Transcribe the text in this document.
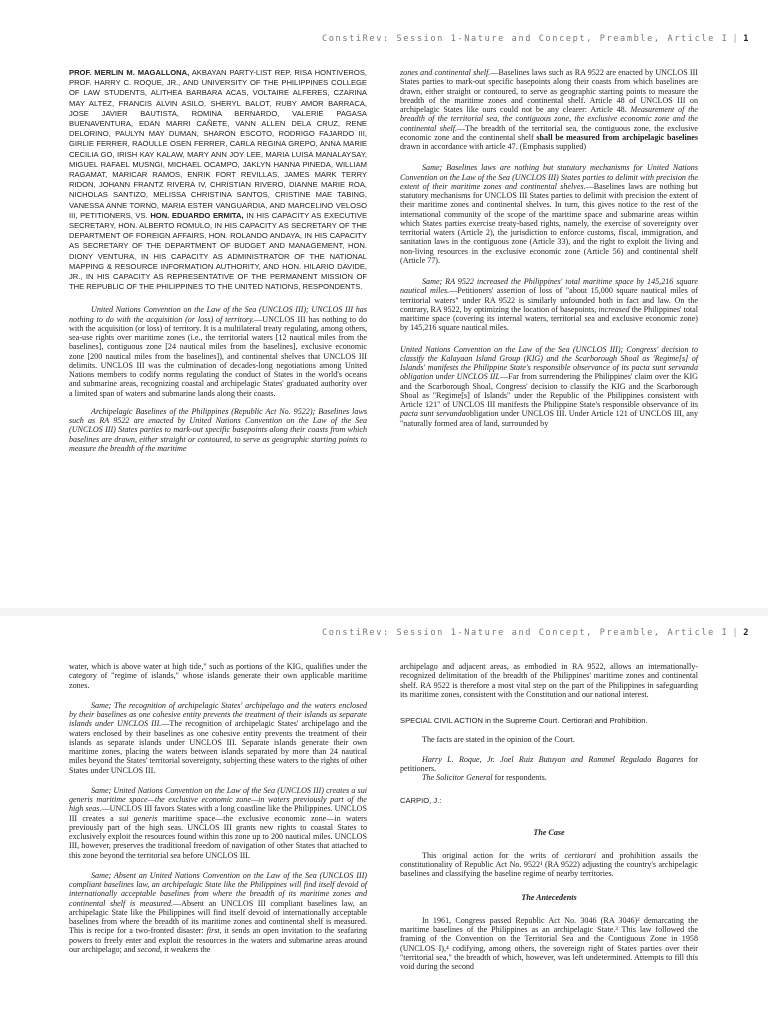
ConstiRev: Session 1-Nature and Concept, Preamble, Article I | 1

PROF. MERLIN M. MAGALLONA, AKBAYAN PARTY-LIST REP. RISA HONTIVEROS, PROF. HARRY C. ROQUE, JR., AND UNIVERSITY OF THE PHILIPPINES COLLEGE OF LAW STUDENTS, ALITHEA BARBARA ACAS, VOLTAIRE ALFERES, CZARINA MAY ALTEZ, FRANCIS ALVIN ASILO, SHERYL BALOT, RUBY AMOR BARRACA, JOSE JAVIER BAUTISTA, ROMINA BERNARDO, VALERIE PAGASA BUENAVENTURA, EDAN MARRI CAÑETE, VANN ALLEN DELA CRUZ, RENE DELORINO, PAULYN MAY DUMAN, SHARON ESCOTO, RODRIGO FAJARDO III, GIRLIE FERRER, RAOULLE OSEN FERRER, CARLA REGINA GREPO, ANNA MARIE CECILIA GO, IRISH KAY KALAW, MARY ANN JOY LEE, MARIA LUISA MANALAYSAY, MIGUEL RAFAEL MUSNGI, MICHAEL OCAMPO, JAKLYN HANNA PINEDA, WILLIAM RAGAMAT, MARICAR RAMOS, ENRIK FORT REVILLAS, JAMES MARK TERRY RIDON, JOHANN FRANTZ RIVERA IV, CHRISTIAN RIVERO, DIANNE MARIE ROA, NICHOLAS SANTIZO, MELISSA CHRISTINA SANTOS, CRISTINE MAE TABING, VANESSA ANNE TORNO, MARIA ESTER VANGUARDIA, AND MARCELINO VELOSO III, PETITIONERS, VS. HON. EDUARDO ERMITA, IN HIS CAPACITY AS EXECUTIVE SECRETARY, HON. ALBERTO ROMULO, IN HIS CAPACITY AS SECRETARY OF THE DEPARTMENT OF FOREIGN AFFAIRS, HON. ROLANDO ANDAYA, IN HIS CAPACITY AS SECRETARY OF THE DEPARTMENT OF BUDGET AND MANAGEMENT, HON. DIONY VENTURA, IN HIS CAPACITY AS ADMINISTRATOR OF THE NATIONAL MAPPING & RESOURCE INFORMATION AUTHORITY, AND HON. HILARIO DAVIDE, JR., IN HIS CAPACITY AS REPRESENTATIVE OF THE PERMANENT MISSION OF THE REPUBLIC OF THE PHILIPPINES TO THE UNITED NATIONS, RESPONDENTS.

United Nations Convention on the Law of the Sea (UNCLOS III); UNCLOS III has nothing to do with the acquisition (or loss) of territory.—UNCLOS III has nothing to do with the acquisition (or loss) of territory. It is a multilateral treaty regulating, among others, sea-use rights over maritime zones (i.e., the territorial waters [12 nautical miles from the baselines], contiguous zone [24 nautical miles from the baselines], exclusive economic zone [200 nautical miles from the baselines]), and continental shelves that UNCLOS III delimits. UNCLOS III was the culmination of decades-long negotiations among United Nations members to codify norms regulating the conduct of States in the world's oceans and submarine areas, recognizing coastal and archipelagic States' graduated authority over a limited span of waters and submarine lands along their coasts.

Archipelagic Baselines of the Philippines (Republic Act No. 9522); Baselines laws such as RA 9522 are enacted by United Nations Convention on the Law of the Sea (UNCLOS III) States parties to mark-out specific basepoints along their coasts from which baselines are drawn, either straight or contoured, to serve as geographic starting points to measure the breadth of the maritime

zones and continental shelf.—Baselines laws such as RA 9522 are enacted by UNCLOS III States parties to mark-out specific basepoints along their coasts from which baselines are drawn, either straight or contoured, to serve as geographic starting points to measure the breadth of the maritime zones and continental shelf. Article 48 of UNCLOS III on archipelagic States like ours could not be any clearer: Article 48. Measurement of the breadth of the territorial sea, the contiguous zone, the exclusive economic zone and the continental shelf.—The breadth of the territorial sea, the contiguous zone, the exclusive economic zone and the continental shelf shall be measured from archipelagic baselines drawn in accordance with article 47. (Emphasis supplied)

Same; Baselines laws are nothing but statutory mechanisms for United Nations Convention on the Law of the Sea (UNCLOS III) States parties to delimit with precision the extent of their maritime zones and continental shelves.—Baselines laws are nothing but statutory mechanisms for UNCLOS III States parties to delimit with precision the extent of their maritime zones and continental shelves. In turn, this gives notice to the rest of the international community of the scope of the maritime space and submarine areas within which States parties exercise treaty-based rights, namely, the exercise of sovereignty over territorial waters (Article 2), the jurisdiction to enforce customs, fiscal, immigration, and sanitation laws in the contiguous zone (Article 33), and the right to exploit the living and non-living resources in the exclusive economic zone (Article 56) and continental shelf (Article 77).

Same; RA 9522 increased the Philippines' total maritime space by 145,216 square nautical miles.—Petitioners' assertion of loss of "about 15,000 square nautical miles of territorial waters" under RA 9522 is similarly unfounded both in fact and law. On the contrary, RA 9522, by optimizing the location of basepoints, increased the Philippines' total maritime space (covering its internal waters, territorial sea and exclusive economic zone) by 145,216 square nautical miles.

United Nations Convention on the Law of the Sea (UNCLOS III); Congress' decision to classify the Kalayaan Island Group (KIG) and the Scarborough Shoal as 'Regime[s] of Islands' manifests the Philippine State's responsible observance of its pacta sunt servanda obligation under UNCLOS III.—Far from surrendering the Philippines' claim over the KIG and the Scarborough Shoal, Congress' decision to classify the KIG and the Scarborough Shoal as "Regime[s] of Islands" under the Republic of the Philippines consistent with Article 121" of UNCLOS III manifests the Philippine State's responsible observance of its pacta sunt servandaobligation under UNCLOS III. Under Article 121 of UNCLOS III, any "naturally formed area of land, surrounded by

ConstiRev: Session 1-Nature and Concept, Preamble, Article I | 2

water, which is above water at high tide," such as portions of the KIG, qualifies under the category of "regime of islands," whose islands generate their own applicable maritime zones.

Same; The recognition of archipelagic States' archipelago and the waters enclosed by their baselines as one cohesive entity prevents the treatment of their islands as separate islands under UNCLOS III.—The recognition of archipelagic States' archipelago and the waters enclosed by their baselines as one cohesive entity prevents the treatment of their islands as separate islands under UNCLOS III. Separate islands generate their own maritime zones, placing the waters between islands separated by more than 24 nautical miles beyond the States' territorial sovereignty, subjecting these waters to the rights of other States under UNCLOS III.

Same; United Nations Convention on the Law of the Sea (UNCLOS III) creates a sui generis maritime space—the exclusive economic zone—in waters previously part of the high seas.—UNCLOS III favors States with a long coastline like the Philippines. UNCLOS III creates a sui generis maritime space—the exclusive economic zone—in waters previously part of the high seas. UNCLOS III grants new rights to coastal States to exclusively exploit the resources found within this zone up to 200 nautical miles. UNCLOS III, however, preserves the traditional freedom of navigation of other States that attached to this zone beyond the territorial sea before UNCLOS III.

Same; Absent an United Nations Convention on the Law of the Sea (UNCLOS III) compliant baselines law, an archipelagic State like the Philippines will find itself devoid of internationally acceptable baselines from where the breadth of its maritime zones and continental shelf is measured.—Absent an UNCLOS III compliant baselines law, an archipelagic State like the Philippines will find itself devoid of internationally acceptable baselines from where the breadth of its maritime zones and continental shelf is measured. This is recipe for a two-fronted disaster: first, it sends an open invitation to the seafaring powers to freely enter and exploit the resources in the waters and submarine areas around our archipelago; and second, it weakens the

archipelago and adjacent areas, as embodied in RA 9522, allows an internationally-recognized delimitation of the breadth of the Philippines' maritime zones and continental shelf. RA 9522 is therefore a most vital step on the part of the Philippines in safeguarding its maritime zones, consistent with the Constitution and our national interest.

SPECIAL CIVIL ACTION in the Supreme Court. Certiorari and Prohibition.

The facts are stated in the opinion of the Court.

Harry L. Roque, Jr. Joel Ruiz Butuyan and Rommel Regalado Bagares for petitioners.

The Solicitor General for respondents.

CARPIO, J.:

The Case

This original action for the writs of certiorari and prohibition assails the constitutionality of Republic Act No. 9522¹ (RA 9522) adjusting the country's archipelagic baselines and classifying the baseline regime of nearby territories.

The Antecedents

In 1961, Congress passed Republic Act No. 3046 (RA 3046)² demarcating the maritime baselines of the Philippines as an archipelagic State.³ This law followed the framing of the Convention on the Territorial Sea and the Contiguous Zone in 1958 (UNCLOS I),⁴ codifying, among others, the sovereign right of States parties over their "territorial sea," the breadth of which, however, was left undetermined. Attempts to fill this void during the second
